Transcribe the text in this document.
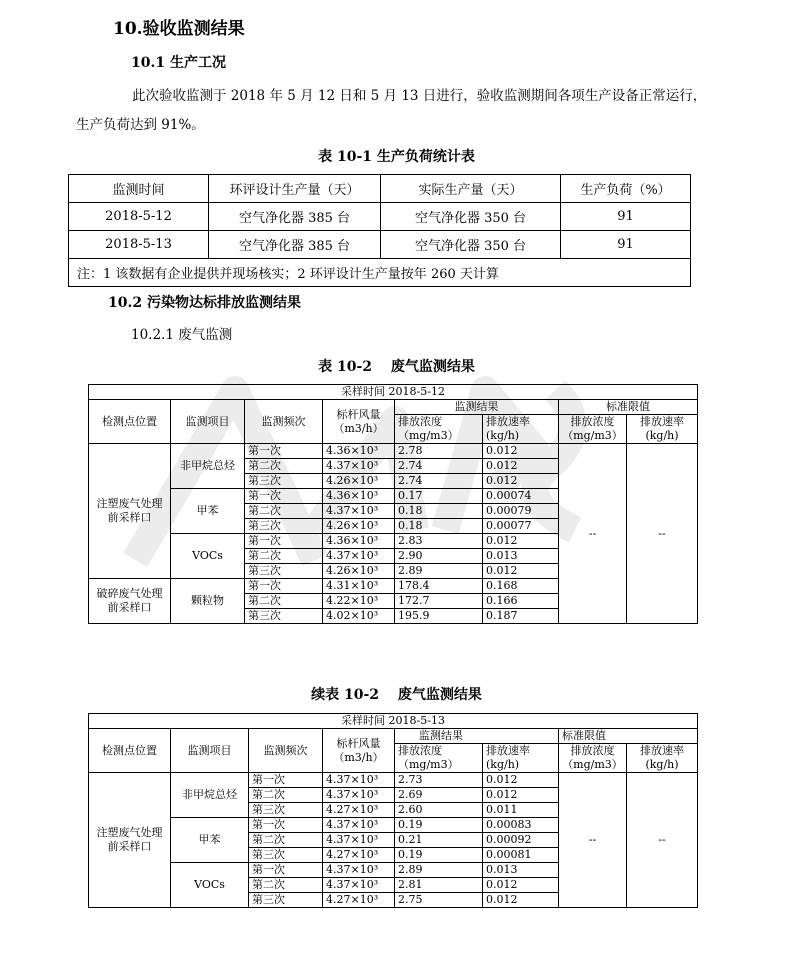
10.验收监测结果
10.1 生产工况
此次验收监测于 2018 年 5 月 12 日和 5 月 13 日进行，验收监测期间各项生产设备正常运行，生产负荷达到 91%。
表 10-1 生产负荷统计表
监测时间	环评设计生产量（天）	实际生产量（天）	生产负荷（%）
2018-5-12	空气净化器 385 台	空气净化器 350 台	91
2018-5-13	空气净化器 385 台	空气净化器 350 台	91
注：1 该数据有企业提供并现场核实；2 环评设计生产量按年 260 天计算			
10.2 污染物达标排放监测结果
10.2.1 废气监测
表 10-2　 废气监测结果
采样时间 2018-5-12							
检测点位置	监测项目	监测频次	标杆风量（m3/h）	监测结果		标准限值	
				排放浓度（mg/m3）	排放速率(kg/h)	排放浓度（mg/m3）	排放速率(kg/h)
注塑废气处理前采样口	非甲烷总烃	第一次	4.36×10³	2.78	0.012	--	--
		第二次	4.37×10³	2.74	0.012		
		第三次	4.26×10³	2.74	0.012		
	甲苯	第一次	4.36×10³	0.17	0.00074		
		第二次	4.37×10³	0.18	0.00079		
		第三次	4.26×10³	0.18	0.00077		
	VOCs	第一次	4.36×10³	2.83	0.012		
		第二次	4.37×10³	2.90	0.013		
		第三次	4.26×10³	2.89	0.012		
破碎废气处理前采样口	颗粒物	第一次	4.31×10³	178.4	0.168		
		第二次	4.22×10³	172.7	0.166		
		第三次	4.02×10³	195.9	0.187		
续表 10-2　 废气监测结果
采样时间 2018-5-13							
检测点位置	监测项目	监测频次	标杆风量（m3/h）	监测结果		标准限值	
				排放浓度（mg/m3）	排放速率(kg/h)	排放浓度（mg/m3）	排放速率(kg/h)
注塑废气处理前采样口	非甲烷总烃	第一次	4.37×10³	2.73	0.012	--	--
		第二次	4.37×10³	2.69	0.012		
		第三次	4.27×10³	2.60	0.011		
	甲苯	第一次	4.37×10³	0.19	0.00083		
		第二次	4.37×10³	0.21	0.00092		
		第三次	4.27×10³	0.19	0.00081		
	VOCs	第一次	4.37×10³	2.89	0.013		
		第二次	4.37×10³	2.81	0.012		
		第三次	4.27×10³	2.75	0.012		
